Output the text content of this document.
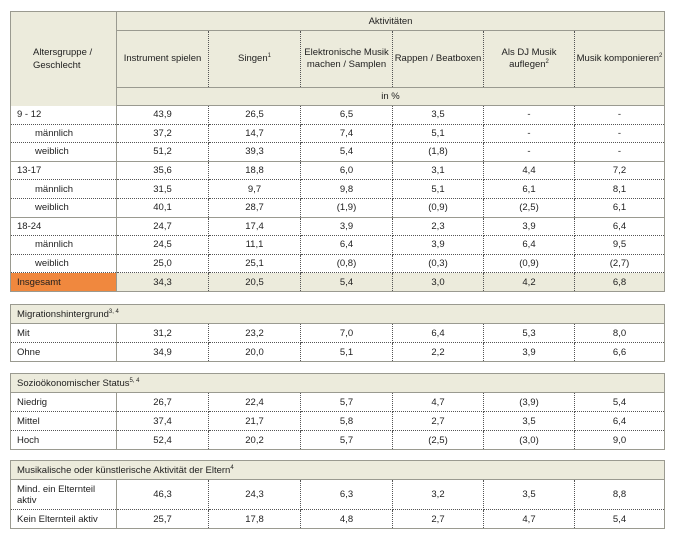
Altersgruppe / Geschlecht	Aktivitäten					
	Instrument spielen	Singen$^1$	Elektronische Musik machen / Samplen	Rappen / Beatboxen	Als DJ Musik auflegen$^2$	Musik komponieren$^2$
	in %					
9 - 12	43,9	26,5	6,5	3,5	-	-
männlich	37,2	14,7	7,4	5,1	-	-
weiblich	51,2	39,3	5,4	(1,8)	-	-
13-17	35,6	18,8	6,0	3,1	4,4	7,2
männlich	31,5	9,7	9,8	5,1	6,1	8,1
weiblich	40,1	28,7	(1,9)	(0,9)	(2,5)	6,1
18-24	24,7	17,4	3,9	2,3	3,9	6,4
männlich	24,5	11,1	6,4	3,9	6,4	9,5
weiblich	25,0	25,1	(0,8)	(0,3)	(0,9)	(2,7)
Insgesamt	34,3	20,5	5,4	3,0	4,2	6,8
Migrationshintergrund$^{3, 4}$
Mit	31,2	23,2	7,0	6,4	5,3	8,0
Ohne	34,9	20,0	5,1	2,2	3,9	6,6
Sozioökonomischer Status$^{5, 4}$
Niedrig	26,7	22,4	5,7	4,7	(3,9)	5,4
Mittel	37,4	21,7	5,8	2,7	3,5	6,4
Hoch	52,4	20,2	5,7	(2,5)	(3,0)	9,0
Musikalische oder künstlerische Aktivität der Eltern$^4$
Mind. ein Elternteil aktiv	46,3	24,3	6,3	3,2	3,5	8,8
Kein Elternteil aktiv	25,7	17,8	4,8	2,7	4,7	5,4
